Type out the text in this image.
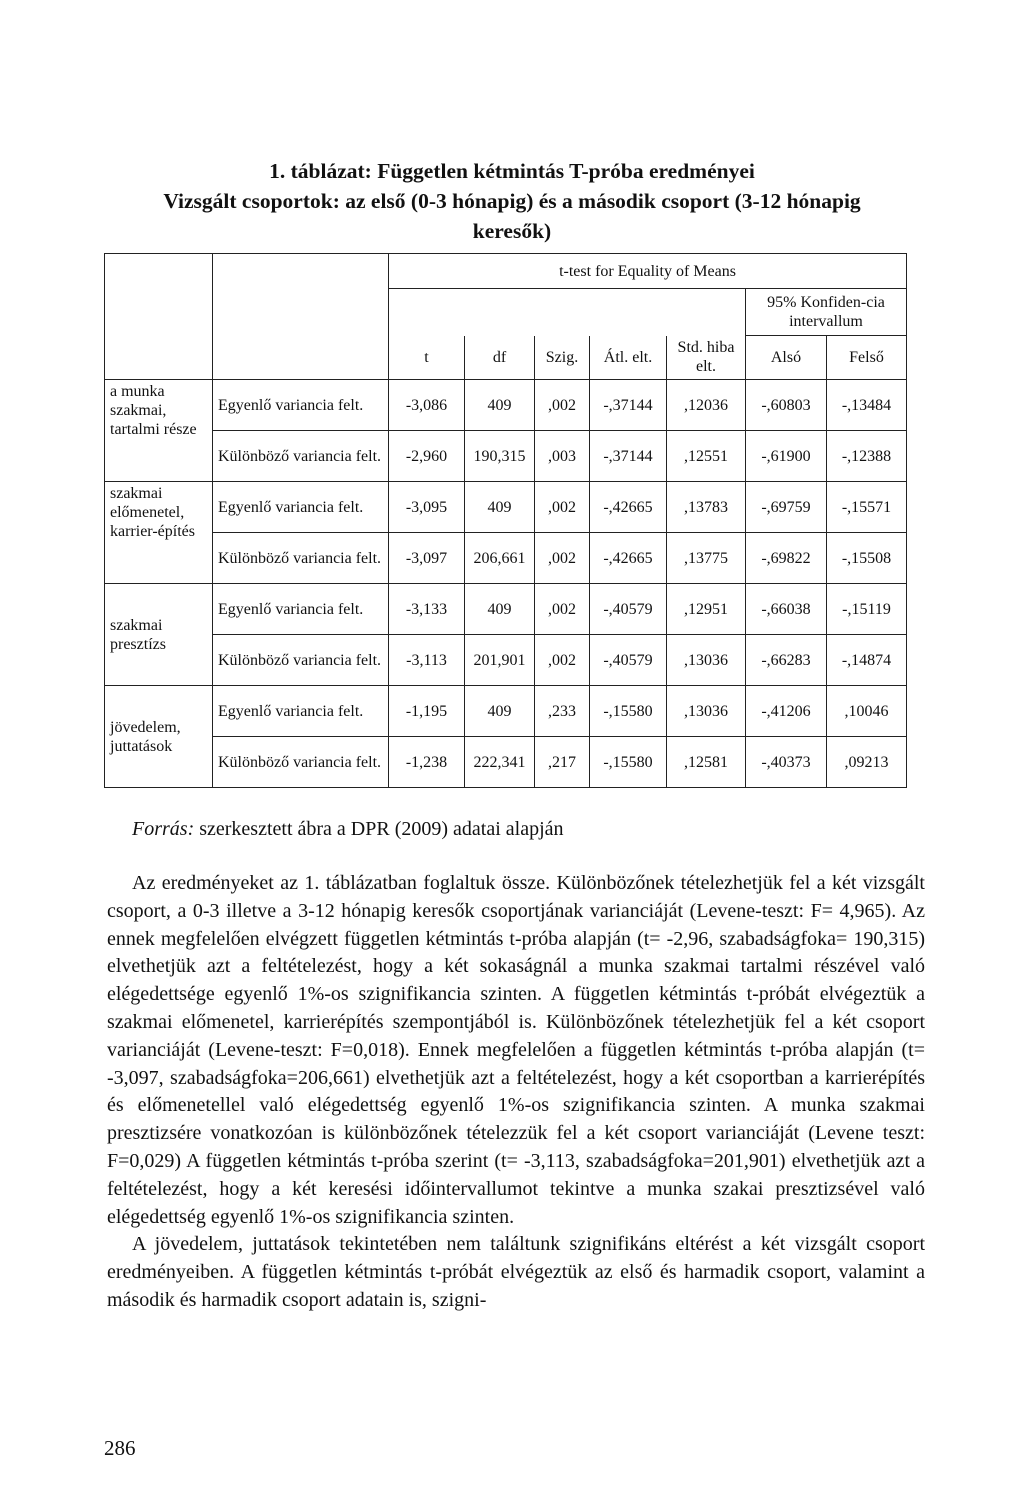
1. táblázat: Független kétmintás T-próba eredményei
Vizsgált csoportok: az első (0-3 hónapig) és a második csoport (3-12 hónapig
keresők)
		t-test for Equality of Means						
							95% Konfiden-cia intervallum	
		t	df	Szig.	Átl. elt.	Std. hiba elt.	Alsó	Felső
a munka szakmai, tartalmi része	Egyenlő variancia felt.	-3,086	409	,002	-,37144	,12036	-,60803	-,13484
	Különböző variancia felt.	-2,960	190,315	,003	-,37144	,12551	-,61900	-,12388
szakmai előmenetel, karrier-építés	Egyenlő variancia felt.	-3,095	409	,002	-,42665	,13783	-,69759	-,15571
	Különböző variancia felt.	-3,097	206,661	,002	-,42665	,13775	-,69822	-,15508
szakmai presztízs	Egyenlő variancia felt.	-3,133	409	,002	-,40579	,12951	-,66038	-,15119
	Különböző variancia felt.	-3,113	201,901	,002	-,40579	,13036	-,66283	-,14874
jövedelem, juttatások	Egyenlő variancia felt.	-1,195	409	,233	-,15580	,13036	-,41206	,10046
	Különböző variancia felt.	-1,238	222,341	,217	-,15580	,12581	-,40373	,09213
Forrás: szerkesztett ábra a DPR (2009) adatai alapján

Az eredményeket az 1. táblázatban foglaltuk össze. Különbözőnek tételezhetjük fel a két vizsgált csoport, a 0-3 illetve a 3-12 hónapig keresők csoportjának varianciáját (Levene-teszt: F= 4,965). Az ennek megfelelően elvégzett független kétmintás t-próba alapján (t= -2,96, szabadságfoka= 190,315) elvethetjük azt a feltételezést, hogy a két sokaságnál a munka szakmai tartalmi részével való elégedettsége egyenlő 1%-os szignifikancia szinten. A független kétmintás t-próbát elvégeztük a szakmai előmenetel, karrierépítés szempontjából is. Különbözőnek tételezhetjük fel a két csoport varianciáját (Levene-teszt: F=0,018). Ennek megfelelően a független kétmintás t-próba alapján (t= -3,097, szabadságfoka=206,661) elvethetjük azt a feltételezést, hogy a két csoportban a karrierépítés és előmenetellel való elégedettség egyenlő 1%-os szignifikancia szinten. A munka szakmai presztizsére vonatkozóan is különbözőnek tételezzük fel a két csoport varianciáját (Levene teszt: F=0,029) A független kétmintás t-próba szerint (t= -3,113, szabadságfoka=201,901) elvethetjük azt a feltételezést, hogy a két keresési időintervallumot tekintve a munka szakai presztizsével való elégedettség egyenlő 1%-os szignifikancia szinten.

A jövedelem, juttatások tekintetében nem találtunk szignifikáns eltérést a két vizsgált csoport eredményeiben. A független kétmintás t-próbát elvégeztük az első és harmadik csoport, valamint a második és harmadik csoport adatain is, szigni-

286
